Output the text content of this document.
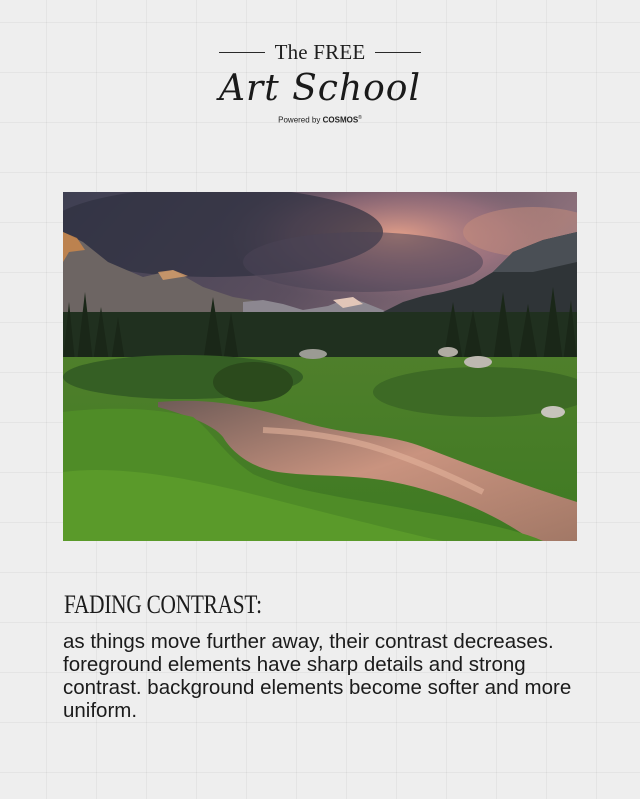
The FREE
Art School
Powered by COSMOS®
FADING CONTRAST:
as things move further away, their contrast decreases. foreground elements have sharp details and strong contrast. background elements become softer and more uniform.
